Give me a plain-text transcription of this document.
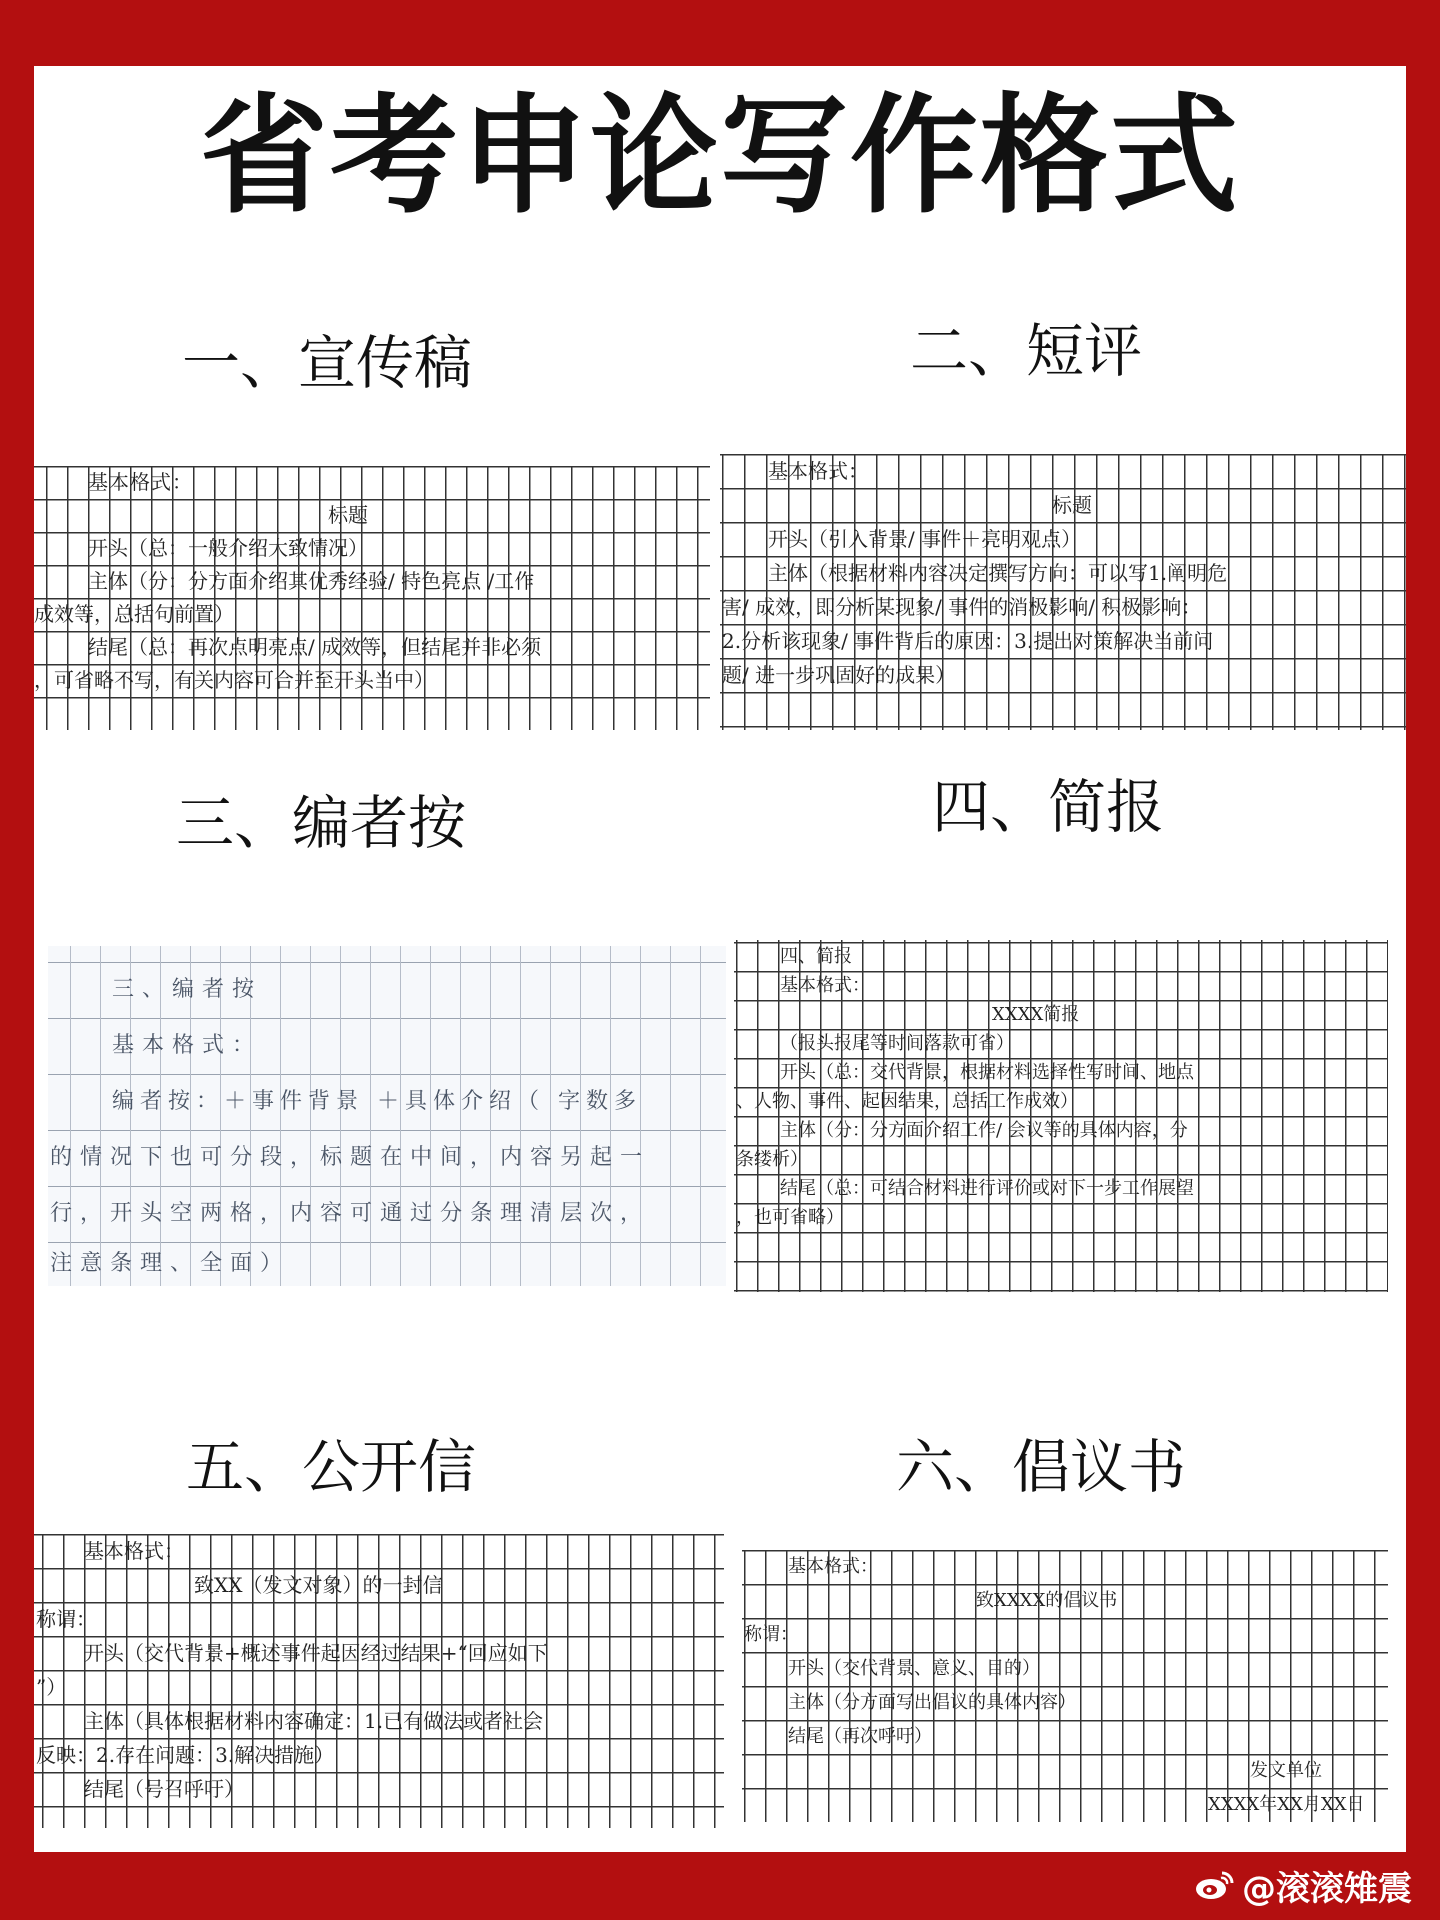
省考申论写作格式
一、宣传稿	二、短评
三、编者按	四、简报
五、公开信	六、倡议书
基本格式：
标题
开头（总：一般介绍大致情况）
主体（分：分方面介绍其优秀经验/ 特色亮点 /工作
成效等，总括句前置）
结尾（总：再次点明亮点/ 成效等，但结尾并非必须
，可省略不写，有关内容可合并至开头当中）
基本格式：
标题
开头（引入背景/ 事件＋亮明观点）
主体（根据材料内容决定撰写方向：可以写1.阐明危
害/ 成效，即分析某现象/ 事件的消极影响/ 积极影响：
2.分析该现象/ 事件背后的原因：3.提出对策解决当前问
题/ 进一步巩固好的成果）
三、编者按
基本格式：
编者按：＋事件背景 ＋具体介绍（ 字数多
的情况下也可分段，标题在中间，内容另起一
行，开头空两格，内容可通过分条理清层次，
注意条理、全面）
四、简报
基本格式：
XXXX简报
（报头报尾等时间落款可省）
开头（总：交代背景，根据材料选择性写时间、地点
、人物、事件、起因结果，总括工作成效）
主体（分：分方面介绍工作/ 会议等的具体内容，分
条缕析）
结尾（总：可结合材料进行评价或对下一步工作展望
，也可省略）
基本格式：
致XX（发文对象）的一封信
称谓：
开头（交代背景+概述事件起因经过结果+“回应如下
”）
主体（具体根据材料内容确定：1.已有做法或者社会
反映：2.存在问题：3.解决措施）
结尾（号召呼吁）
基本格式：
致XXXX的倡议书
称谓：
开头（交代背景、意义、目的）
主体（分方面写出倡议的具体内容）
结尾（再次呼吁）
发文单位
XXXX年XX月XX日
@滚滚雉震
